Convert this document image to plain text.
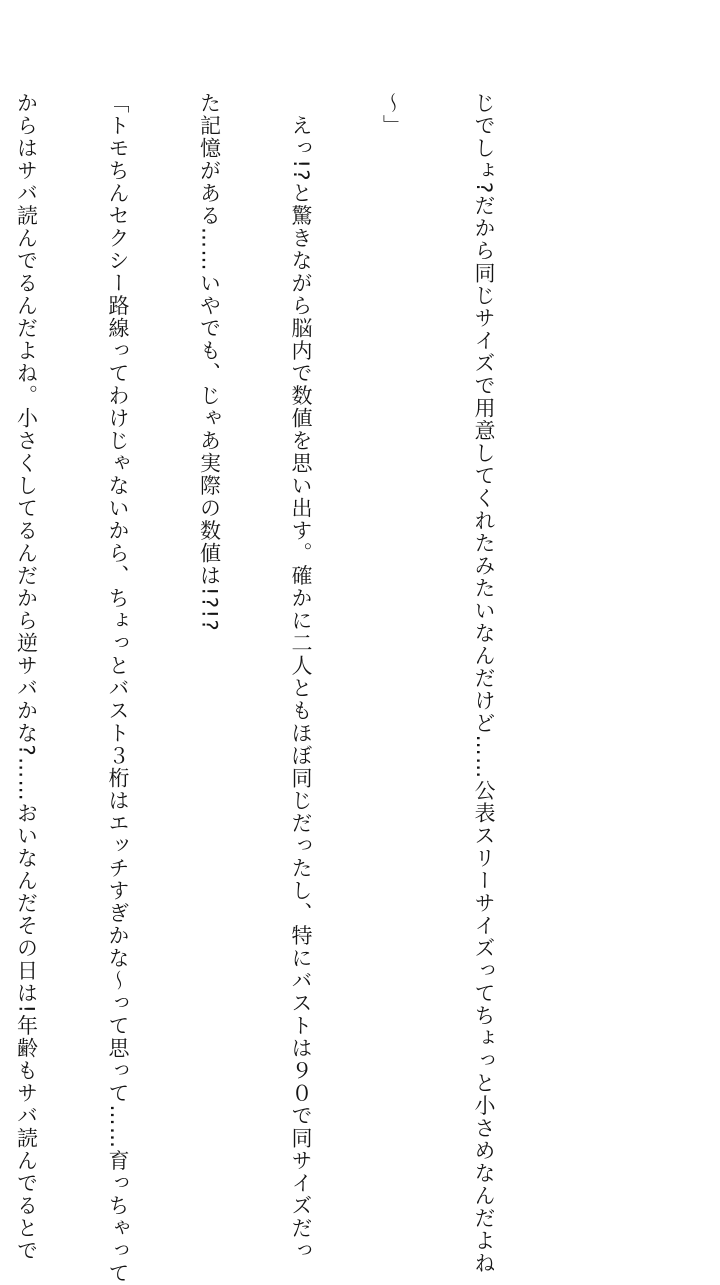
じでしょ?だから同じサイズで用意してくれたみたいなんだけど……公表スリーサイズってちょっと小さめなんだよね

〜」

　えっ!?と驚きながら脳内で数値を思い出す。確かに二人ともほぼ同じだったし、特にバストは９０で同サイズだっ

た記憶がある……いやでも、じゃあ実際の数値は!?!?

「トモちんセクシー路線ってわけじゃないから、ちょっとバスト３桁はエッチすぎかな〜って思って……育っちゃって

からはサバ読んでるんだよね。小さくしてるんだから逆サバかな?……おいなんだその日は!年齢もサバ読んでるとで
